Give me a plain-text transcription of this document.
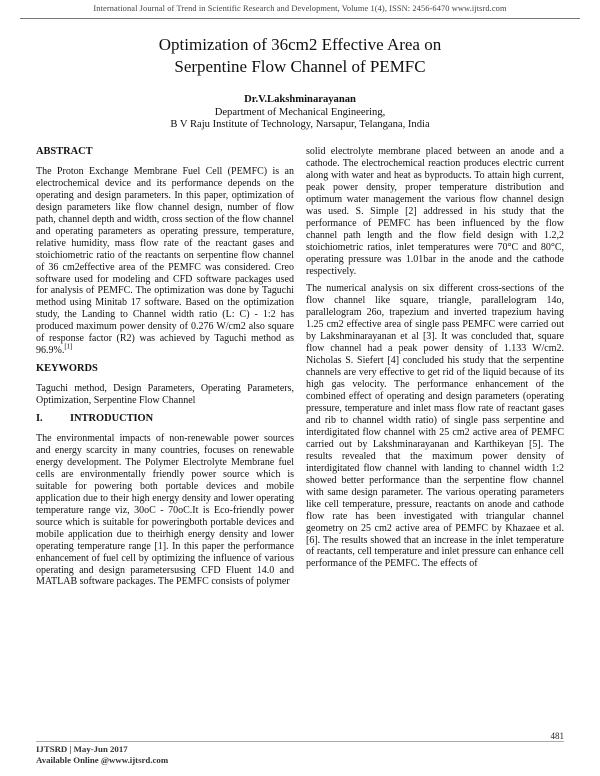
International Journal of Trend in Scientific Research and Development, Volume 1(4), ISSN: 2456-6470 www.ijtsrd.com
Optimization of 36cm2 Effective Area on
Serpentine Flow Channel of PEMFC
Dr.V.Lakshminarayanan
Department of Mechanical Engineering,
B V Raju Institute of Technology, Narsapur, Telangana, India
ABSTRACT
The Proton Exchange Membrane Fuel Cell (PEMFC) is an electrochemical device and its performance depends on the operating and design parameters. In this paper, optimization of design parameters like flow channel design, number of flow path, channel depth and width, cross section of the flow channel and operating parameters as operating pressure, temperature, relative humidity, mass flow rate of the reactant gases and stoichiometric ratio of the reactants on serpentine flow channel of 36 cm2effective area of the PEMFC was considered. Creo software used for modeling and CFD software packages used for analysis of PEMFC. The optimization was done by Taguchi method using Minitab 17 software. Based on the optimization study, the Landing to Channel width ratio (L: C) - 1:2 has produced maximum power density of 0.276 W/cm2 also square of response factor (R2) was achieved by Taguchi method as 96.9%.[1]
KEYWORDS
Taguchi method, Design Parameters, Operating Parameters, Optimization, Serpentine Flow Channel
I.	INTRODUCTION
The environmental impacts of non-renewable power sources and energy scarcity in many countries, focuses on renewable energy development. The Polymer Electrolyte Membrane fuel cells are environmentally friendly power source which is suitable for powering both portable devices and mobile application due to their high energy density and lower operating temperature range viz, 30oC - 70oC.It is Eco-friendly power source which is suitable for poweringboth portable devices and mobile application due to theirhigh energy density and lower operating temperature range [1]. In this paper the performance enhancement of fuel cell by optimizing the influence of various operating and design parametersusing CFD Fluent 14.0 and MATLAB software packages. The PEMFC consists of polymer
solid electrolyte membrane placed between an anode and a cathode. The electrochemical reaction produces electric current along with water and heat as byproducts. To attain high current, peak power density, proper temperature distribution and optimum water management the various flow channel design was used. S. Simple [2] addressed in his study that the performance of PEMFC has been influenced by the flow channel path length and the flow field design with 1.2,2 stoichiometric ratios, inlet temperatures were 70°C and 80°C, operating pressure was 1.01bar in the anode and the cathode respectively.
The numerical analysis on six different cross-sections of the flow channel like square, triangle, parallelogram 14o, parallelogram 26o, trapezium and inverted trapezium having 1.25 cm2 effective area of single pass PEMFC were carried out by Lakshminarayanan et al [3]. It was concluded that, square flow channel had a peak power density of 1.133 W/cm2. Nicholas S. Siefert [4] concluded his study that the serpentine channels are very effective to get rid of the liquid because of its high gas velocity. The performance enhancement of the combined effect of operating and design parameters (operating pressure, temperature and inlet mass flow rate of reactant gases and rib to channel width ratio) of single pass serpentine and interdigitated flow channel with 25 cm2 active area of PEMFC carried out by Lakshminarayanan and Karthikeyan [5]. The results revealed that the maximum power density of interdigitated flow channel with landing to channel width 1:2 showed better performance than the serpentine flow channel with same design parameter. The various operating parameters like cell temperature, pressure, reactants on anode and cathode flow rate has been investigated with triangular channel geometry on 25 cm2 active area of PEMFC by Khazaee et al. [6]. The results showed that an increase in the inlet temperature of reactants, cell temperature and inlet pressure can enhance cell performance of the PEMFC. The effects of
481
IJTSRD | May-Jun 2017
Available Online @www.ijtsrd.com
